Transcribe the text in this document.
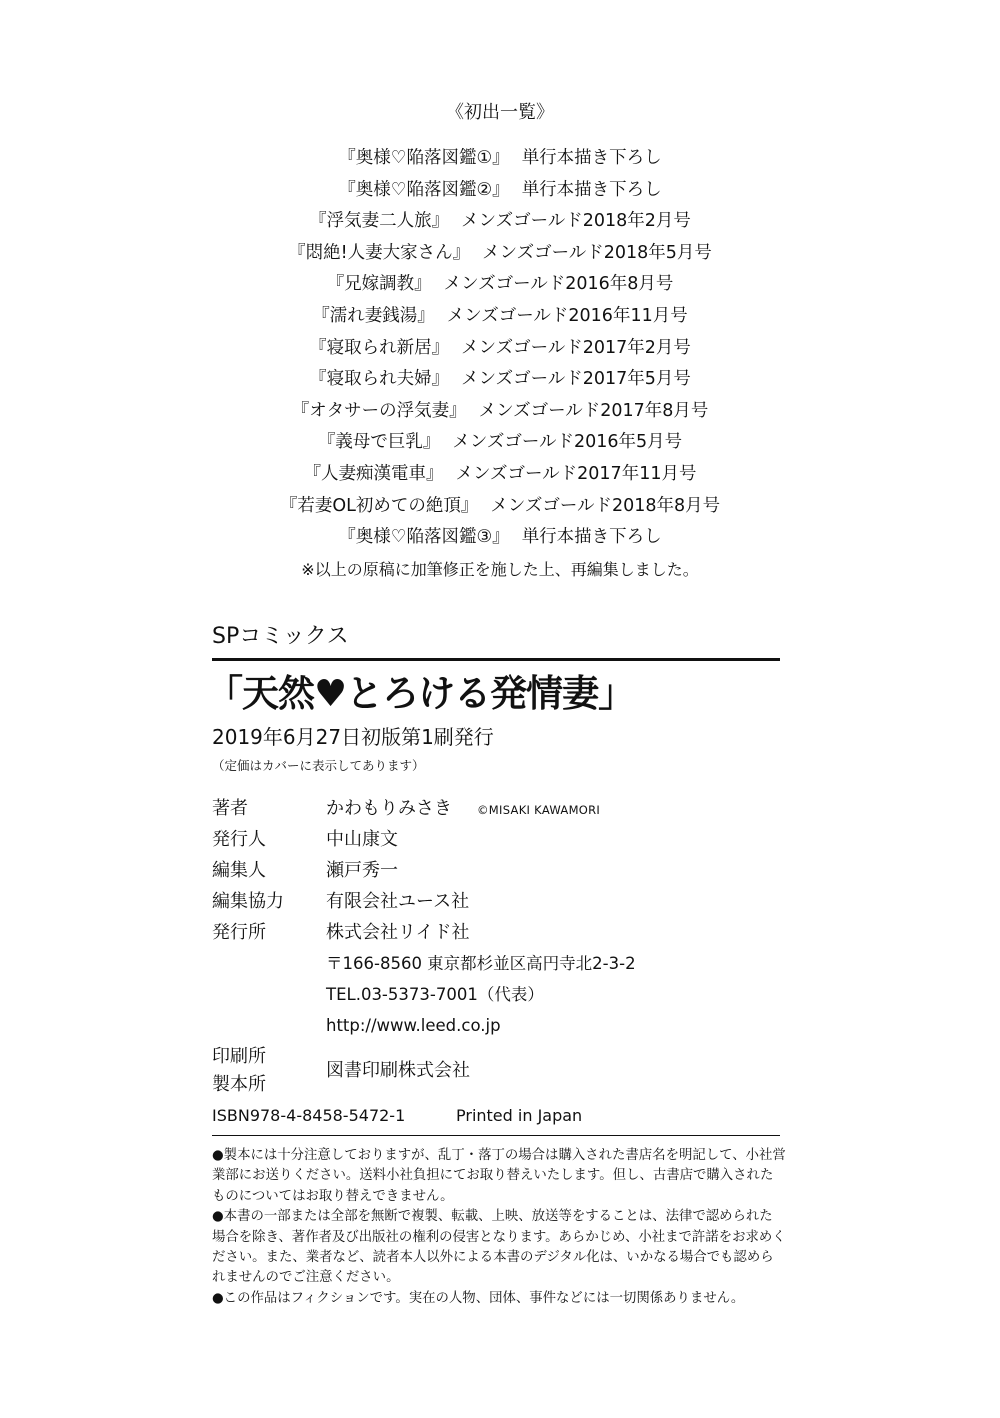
《初出一覧》
『奥様♡陥落図鑑①』 単行本描き下ろし
『奥様♡陥落図鑑②』 単行本描き下ろし
『浮気妻二人旅』 メンズゴールド2018年2月号
『悶絶!人妻大家さん』 メンズゴールド2018年5月号
『兄嫁調教』 メンズゴールド2016年8月号
『濡れ妻銭湯』 メンズゴールド2016年11月号
『寝取られ新居』 メンズゴールド2017年2月号
『寝取られ夫婦』 メンズゴールド2017年5月号
『オタサーの浮気妻』 メンズゴールド2017年8月号
『義母で巨乳』 メンズゴールド2016年5月号
『人妻痴漢電車』 メンズゴールド2017年11月号
『若妻OL初めての絶頂』 メンズゴールド2018年8月号
『奥様♡陥落図鑑③』 単行本描き下ろし
※以上の原稿に加筆修正を施した上、再編集しました。
SPコミックス
「天然♥とろける発情妻」
2019年6月27日初版第1刷発行
（定価はカバーに表示してあります）
著者	かわもりみさき ©MISAKI KAWAMORI
発行人	中山康文
編集人	瀬戸秀一
編集協力 有限会社ユース社
発行所	株式会社リイド社
〒166-8560 東京都杉並区高円寺北2-3-2
TEL.03-5373-7001（代表）
http://www.leed.co.jp
印刷所
製本所
図書印刷株式会社
ISBN978-4-8458-5472-1	Printed in Japan

●製本には十分注意しておりますが、乱丁・落丁の場合は購入された書店名を明記して、小社営業部にお送りください。送料小社負担にてお取り替えいたします。但し、古書店で購入されたものについてはお取り替えできません。

●本書の一部または全部を無断で複製、転載、上映、放送等をすることは、法律で認められた場合を除き、著作者及び出版社の権利の侵害となります。あらかじめ、小社まで許諾をお求めください。また、業者など、読者本人以外による本書のデジタル化は、いかなる場合でも認められませんのでご注意ください。

●この作品はフィクションです。実在の人物、団体、事件などには一切関係ありません。
